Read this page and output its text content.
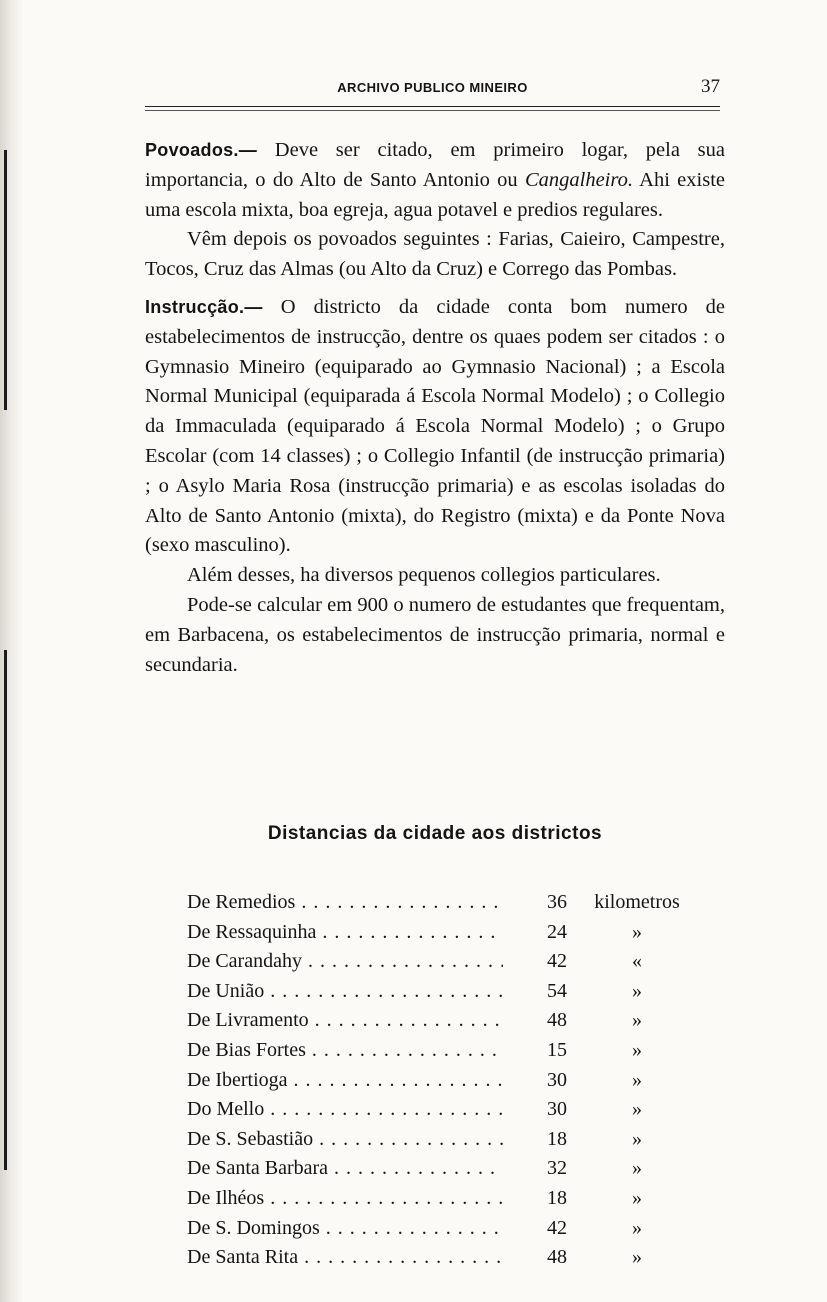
ARCHIVO PUBLICO MINEIRO	37

Povoados.— Deve ser citado, em primeiro logar, pela sua importancia, o do Alto de Santo Antonio ou Cangalheiro. Ahi existe uma escola mixta, boa egreja, agua potavel e predios regulares.

Vêm depois os povoados seguintes : Farias, Caieiro, Campestre, Tocos, Cruz das Almas (ou Alto da Cruz) e Corrego das Pombas.

Instrucção.— O districto da cidade conta bom numero de estabelecimentos de instrucção, dentre os quaes podem ser citados : o Gymnasio Mineiro (equiparado ao Gymnasio Nacional) ; a Escola Normal Municipal (equiparada á Escola Normal Modelo) ; o Collegio da Immaculada (equiparado á Escola Normal Modelo) ; o Grupo Escolar (com 14 classes) ; o Collegio Infantil (de instrucção primaria) ; o Asylo Maria Rosa (instrucção primaria) e as escolas isoladas do Alto de Santo Antonio (mixta), do Registro (mixta) e da Ponte Nova (sexo masculino).

Além desses, ha diversos pequenos collegios particulares.

Pode-se calcular em 900 o numero de estudantes que frequentam, em Barbacena, os estabelecimentos de instrucção primaria, normal e secundaria.

Distancias da cidade aos districtos
De Remedios . . .	36	kilometros
De Ressaquinha . . .	24	»
De Carandahy . . .	42	«
De União . . .	54	»
De Livramento . . .	48	»
De Bias Fortes . . .	15	»
De Ibertioga . . .	30	»
Do Mello . . .	30	»
De S. Sebastião . . .	18	»
De Santa Barbara . . .	32	»
De Ilhéos . . .	18	»
De S. Domingos . . .	42	»
De Santa Rita . . .	48	»
